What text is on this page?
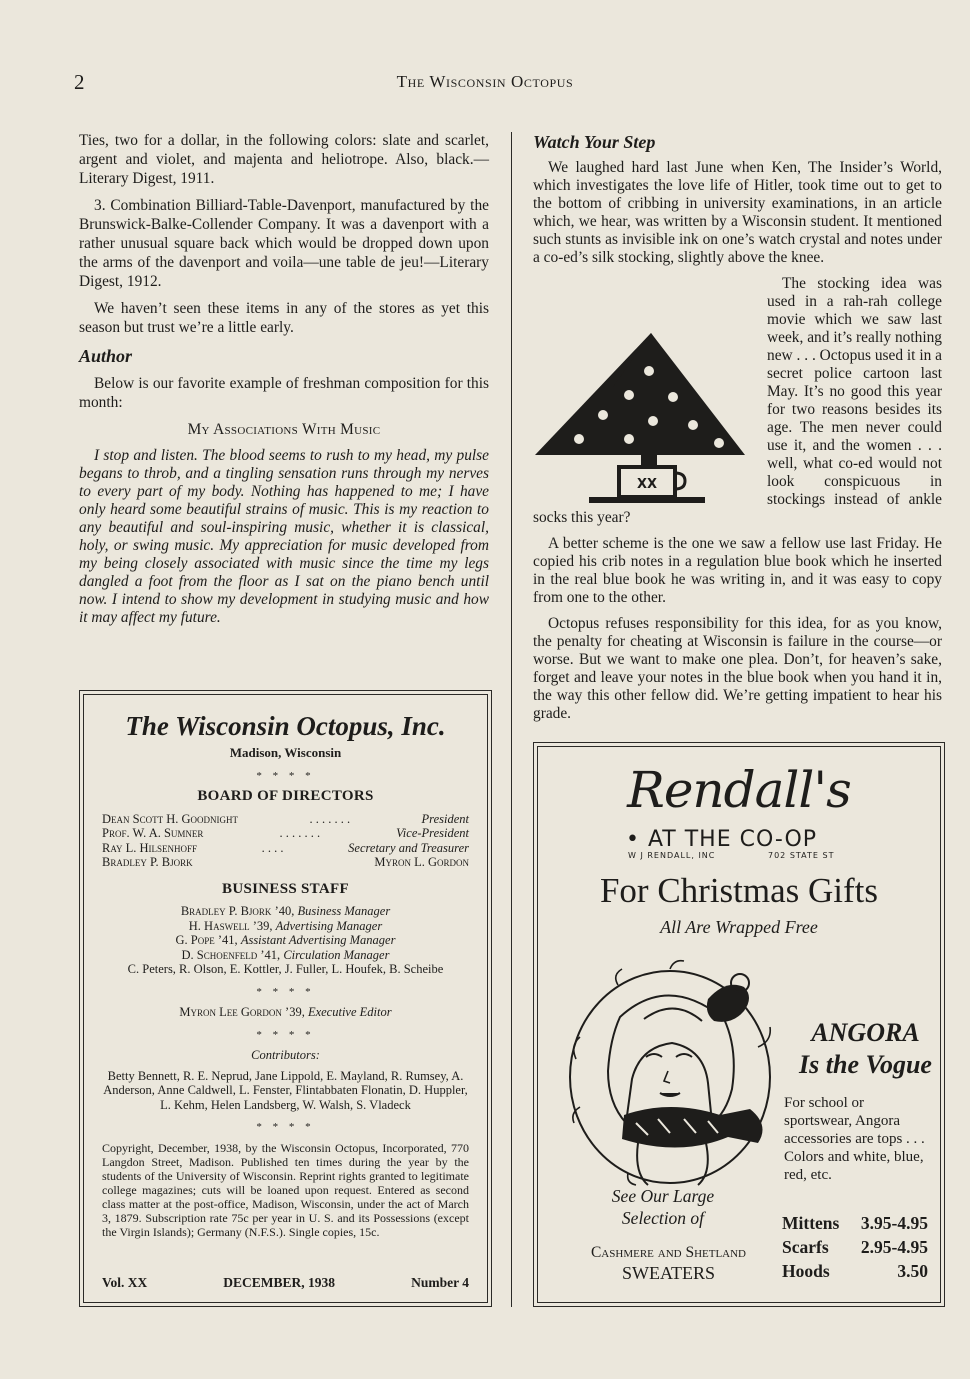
2	The Wisconsin Octopus

Ties, two for a dollar, in the following colors: slate and scarlet, argent and violet, and majenta and heliotrope. Also, black.—Literary Digest, 1911.

3. Combination Billiard-Table-Davenport, manufactured by the Brunswick-Balke-Collender Company. It was a davenport with a rather unusual square back which would be dropped down upon the arms of the davenport and voila—une table de jeu!—Literary Digest, 1912.

We haven’t seen these items in any of the stores as yet this season but trust we’re a little early.

Author

Below is our favorite example of freshman composition for this month:

My Associations With Music

I stop and listen. The blood seems to rush to my head, my pulse begans to throb, and a tingling sensation runs through my nerves to every part of my body. Nothing has happened to me; I have only heard some beautiful strains of music. This is my reaction to any beautiful and soul-inspiring music, whether it is classical, holy, or swing music. My appreciation for music developed from my being closely associated with music since the time my legs dangled a foot from the floor as I sat on the piano bench until now. I intend to show my development in studying music and how it may affect my future.

The Wisconsin Octopus, Inc.
Madison, Wisconsin
* * * *
BOARD OF DIRECTORS
Dean Scott H. Goodnight	. . . . . . .	President
Prof. W. A. Sumner	. . . . . . .	Vice-President
Ray L. Hilsenhoff	. . . .	Secretary and Treasurer
Bradley P. Bjork	Myron L. Gordon
BUSINESS STAFF
Bradley P. Bjork ’40, Business Manager
H. Haswell ’39, Advertising Manager
G. Pope ’41, Assistant Advertising Manager
D. Schoenfeld ’41, Circulation Manager
C. Peters, R. Olson, E. Kottler, J. Fuller, L. Houfek, B. Scheibe
* * * *
Myron Lee Gordon ’39, Executive Editor
* * * *
Contributors:
Betty Bennett, R. E. Neprud, Jane Lippold, E. Mayland, R. Rumsey, A. Anderson, Anne Caldwell, L. Fenster, Flintabbaten Flonatin, D. Huppler, L. Kehm, Helen Landsberg, W. Walsh, S. Vladeck
* * * *
Copyright, December, 1938, by the Wisconsin Octopus, Incorporated, 770 Langdon Street, Madison. Published ten times during the year by the students of the University of Wisconsin. Reprint rights granted to legitimate college magazines; cuts will be loaned upon request. Entered as second class matter at the post-office, Madison, Wisconsin, under the act of March 3, 1879. Subscription rate 75c per year in U. S. and its Possessions (except the Virgin Islands); Germany (N.F.S.). Single copies, 15c.
Vol. XX	DECEMBER, 1938	Number 4
Watch Your Step

We laughed hard last June when Ken, The Insider’s World, which investigates the love life of Hitler, took time out to get to the bottom of cribbing in university examinations, in an article which, we hear, was written by a Wisconsin student. It mentioned such stunts as invisible ink on one’s watch crystal and notes under a co-ed’s silk stocking, slightly above the knee.

XX

The stocking idea was used in a rah-rah college movie which we saw last week, and it’s really nothing new . . . Octopus used it in a secret police cartoon last May. It’s no good this year for two reasons besides its age. The men never could use it, and the women . . . well, what co-ed would not look conspicuous in stockings instead of ankle socks this year?

A better scheme is the one we saw a fellow use last Friday. He copied his crib notes in a regulation blue book which he inserted in the real blue book he was writing in, and it was easy to copy from one to the other.

Octopus refuses responsibility for this idea, for as you know, the penalty for cheating at Wisconsin is failure in the course—or worse. But we want to make one plea. Don’t, for heaven’s sake, forget and leave your notes in the blue book when you hand it in, the way this other fellow did. We’re getting impatient to hear his grade.

Rendall's
• AT THE CO-OP
W J RENDALL, INC	702 STATE ST
For Christmas Gifts
All Are Wrapped Free
ANGORA
Is the Vogue
For school or sportswear, Angora accessories are tops . . . Colors and white, blue, red, etc.
See Our Large Selection of
Cashmere and Shetland
SWEATERS
Mittens 3.95-4.95
Scarfs 2.95-4.95
Hoods	3.50
